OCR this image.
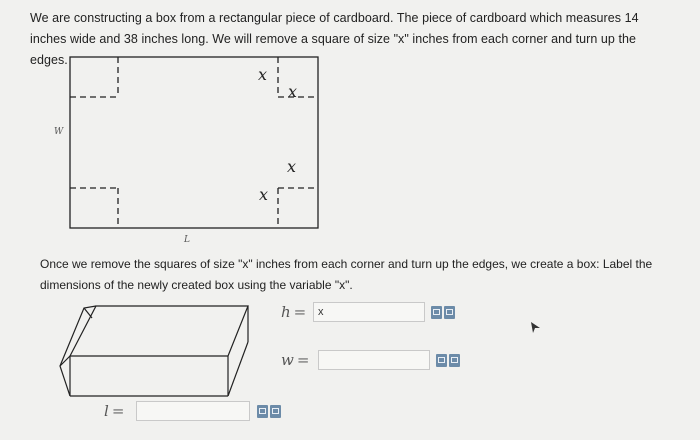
We are constructing a box from a rectangular piece of cardboard. The piece of cardboard which measures 14 inches wide and 38 inches long. We will remove a square of size "x" inches from each corner and turn up the edges.
W
L
x
x
x
x
Once we remove the squares of size "x" inches from each corner and turn up the edges, we create a box: Label the dimensions of the newly created box using the variable "x".
h =	x
w =
l =
